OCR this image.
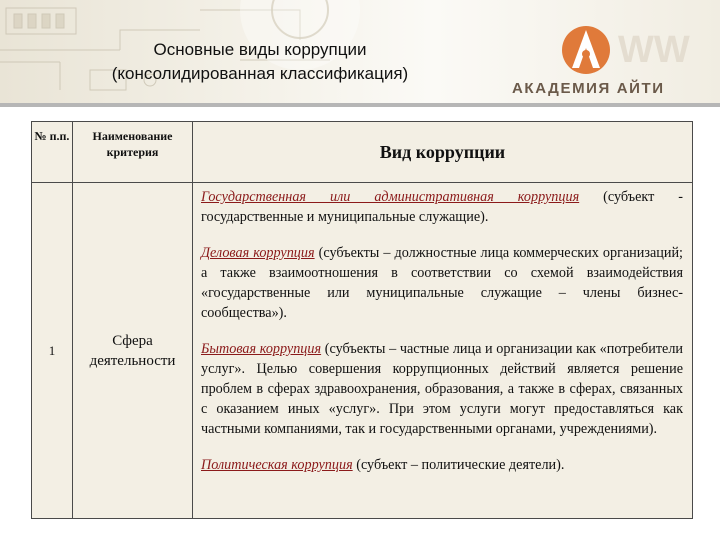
Основные виды коррупции
(консолидированная классификация)
WW
АКАДЕМИЯ АЙТИ
№ п.п.	Наименование критерия	Вид коррупции
1	Сфера деятельности	Государственная или административная коррупция (субъект - государственные и муниципальные служащие).

Деловая коррупция (субъекты – должностные лица коммерческих организаций; а также взаимоотношения в соответствии со схемой взаимодействия «государственные или муниципальные служащие – члены бизнес-сообщества»).

Бытовая коррупция (субъекты – частные лица и организации как «потребители услуг». Целью совершения коррупционных действий является решение проблем в сферах здравоохранения, образования, а также в сферах, связанных с оказанием иных «услуг». При этом услуги могут предоставляться как частными компаниями, так и государственными органами, учреждениями).

Политическая коррупция (субъект – политические деятели).
